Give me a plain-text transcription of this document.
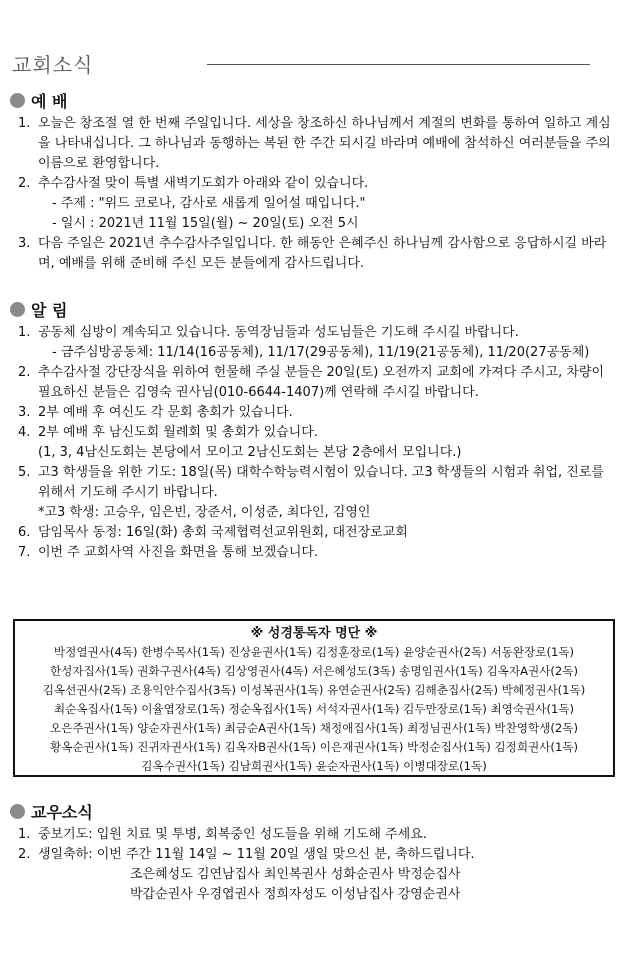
교회소식
예 배
1. 오늘은 창조절 열 한 번째 주일입니다. 세상을 창조하신 하나님께서 계절의 변화를 통하여 일하고 계심을 나타내십니다. 그 하나님과 동행하는 복된 한 주간 되시길 바라며 예배에 참석하신 여러분들을 주의 이름으로 환영합니다.
2. 추수감사절 맞이 특별 새벽기도회가 아래와 같이 있습니다.
- 주제 : "위드 코로나, 감사로 새롭게 일어설 때입니다."
- 일시 : 2021년 11월 15일(월) ~ 20일(토) 오전 5시
3. 다음 주일은 2021년 추수감사주일입니다. 한 해동안 은혜주신 하나님께 감사함으로 응답하시길 바라며, 예배를 위해 준비해 주신 모든 분들에게 감사드립니다.
알 림
1. 공동체 심방이 계속되고 있습니다. 동역장님들과 성도님들은 기도해 주시길 바랍니다.
- 금주심방공동체: 11/14(16공동체), 11/17(29공동체), 11/19(21공동체), 11/20(27공동체)
2. 추수감사절 강단장식을 위하여 헌물해 주실 분들은 20일(토) 오전까지 교회에 가져다 주시고, 차량이 필요하신 분들은 김영숙 권사님(010-6644-1407)께 연락해 주시길 바랍니다.
3. 2부 예배 후 여신도 각 문회 총회가 있습니다.
4. 2부 예배 후 남신도회 월례회 및 총회가 있습니다.
(1, 3, 4남신도회는 본당에서 모이고 2남신도회는 본당 2층에서 모입니다.)
5. 고3 학생들을 위한 기도: 18일(목) 대학수학능력시험이 있습니다. 고3 학생들의 시험과 취업, 진로를 위해서 기도해 주시기 바랍니다.
*고3 학생: 고승우, 임은빈, 장준서, 이성준, 최다인, 김영인
6. 담임목사 동정: 16일(화) 총회 국제협력선교위원회, 대전장로교회
7. 이번 주 교회사역 사진을 화면을 통해 보겠습니다.
※ 성경통독자 명단 ※
박정열권사(4독) 한병수목사(1독) 진상윤권사(1독) 김정훈장로(1독) 윤양순권사(2독) 서동완장로(1독)
한성자집사(1독) 권화구권사(4독) 김상영권사(4독) 서은혜성도(3독) 송명임권사(1독) 김옥자A권사(2독)
김옥선권사(2독) 조용익안수집사(3독) 이성복권사(1독) 유연순권사(2독) 김해춘집사(2독) 박혜정권사(1독)
최순옥집사(1독) 이율엽장로(1독) 정순옥집사(1독) 서석자권사(1독) 김두만장로(1독) 최영숙권사(1독)
오은주권사(1독) 양순자권사(1독) 최금순A권사(1독) 채정애집사(1독) 최정님권사(1독) 박찬영학생(2독)
황옥순권사(1독) 진귀자권사(1독) 김옥자B권사(1독) 이은재권사(1독) 박정순집사(1독) 김정희권사(1독)
김옥수권사(1독) 김남희권사(1독) 윤순자권사(1독) 이병대장로(1독)
교우소식
1. 중보기도: 입원 치료 및 투병, 회복중인 성도들을 위해 기도해 주세요.
2. 생일축하: 이번 주간 11월 14일 ~ 11월 20일 생일 맞으신 분, 축하드립니다.
조은혜성도 김연남집사 최인복권사 성화순권사 박정순집사
박갑순권사 우경엽권사 정희자성도 이성남집사 강영순권사
